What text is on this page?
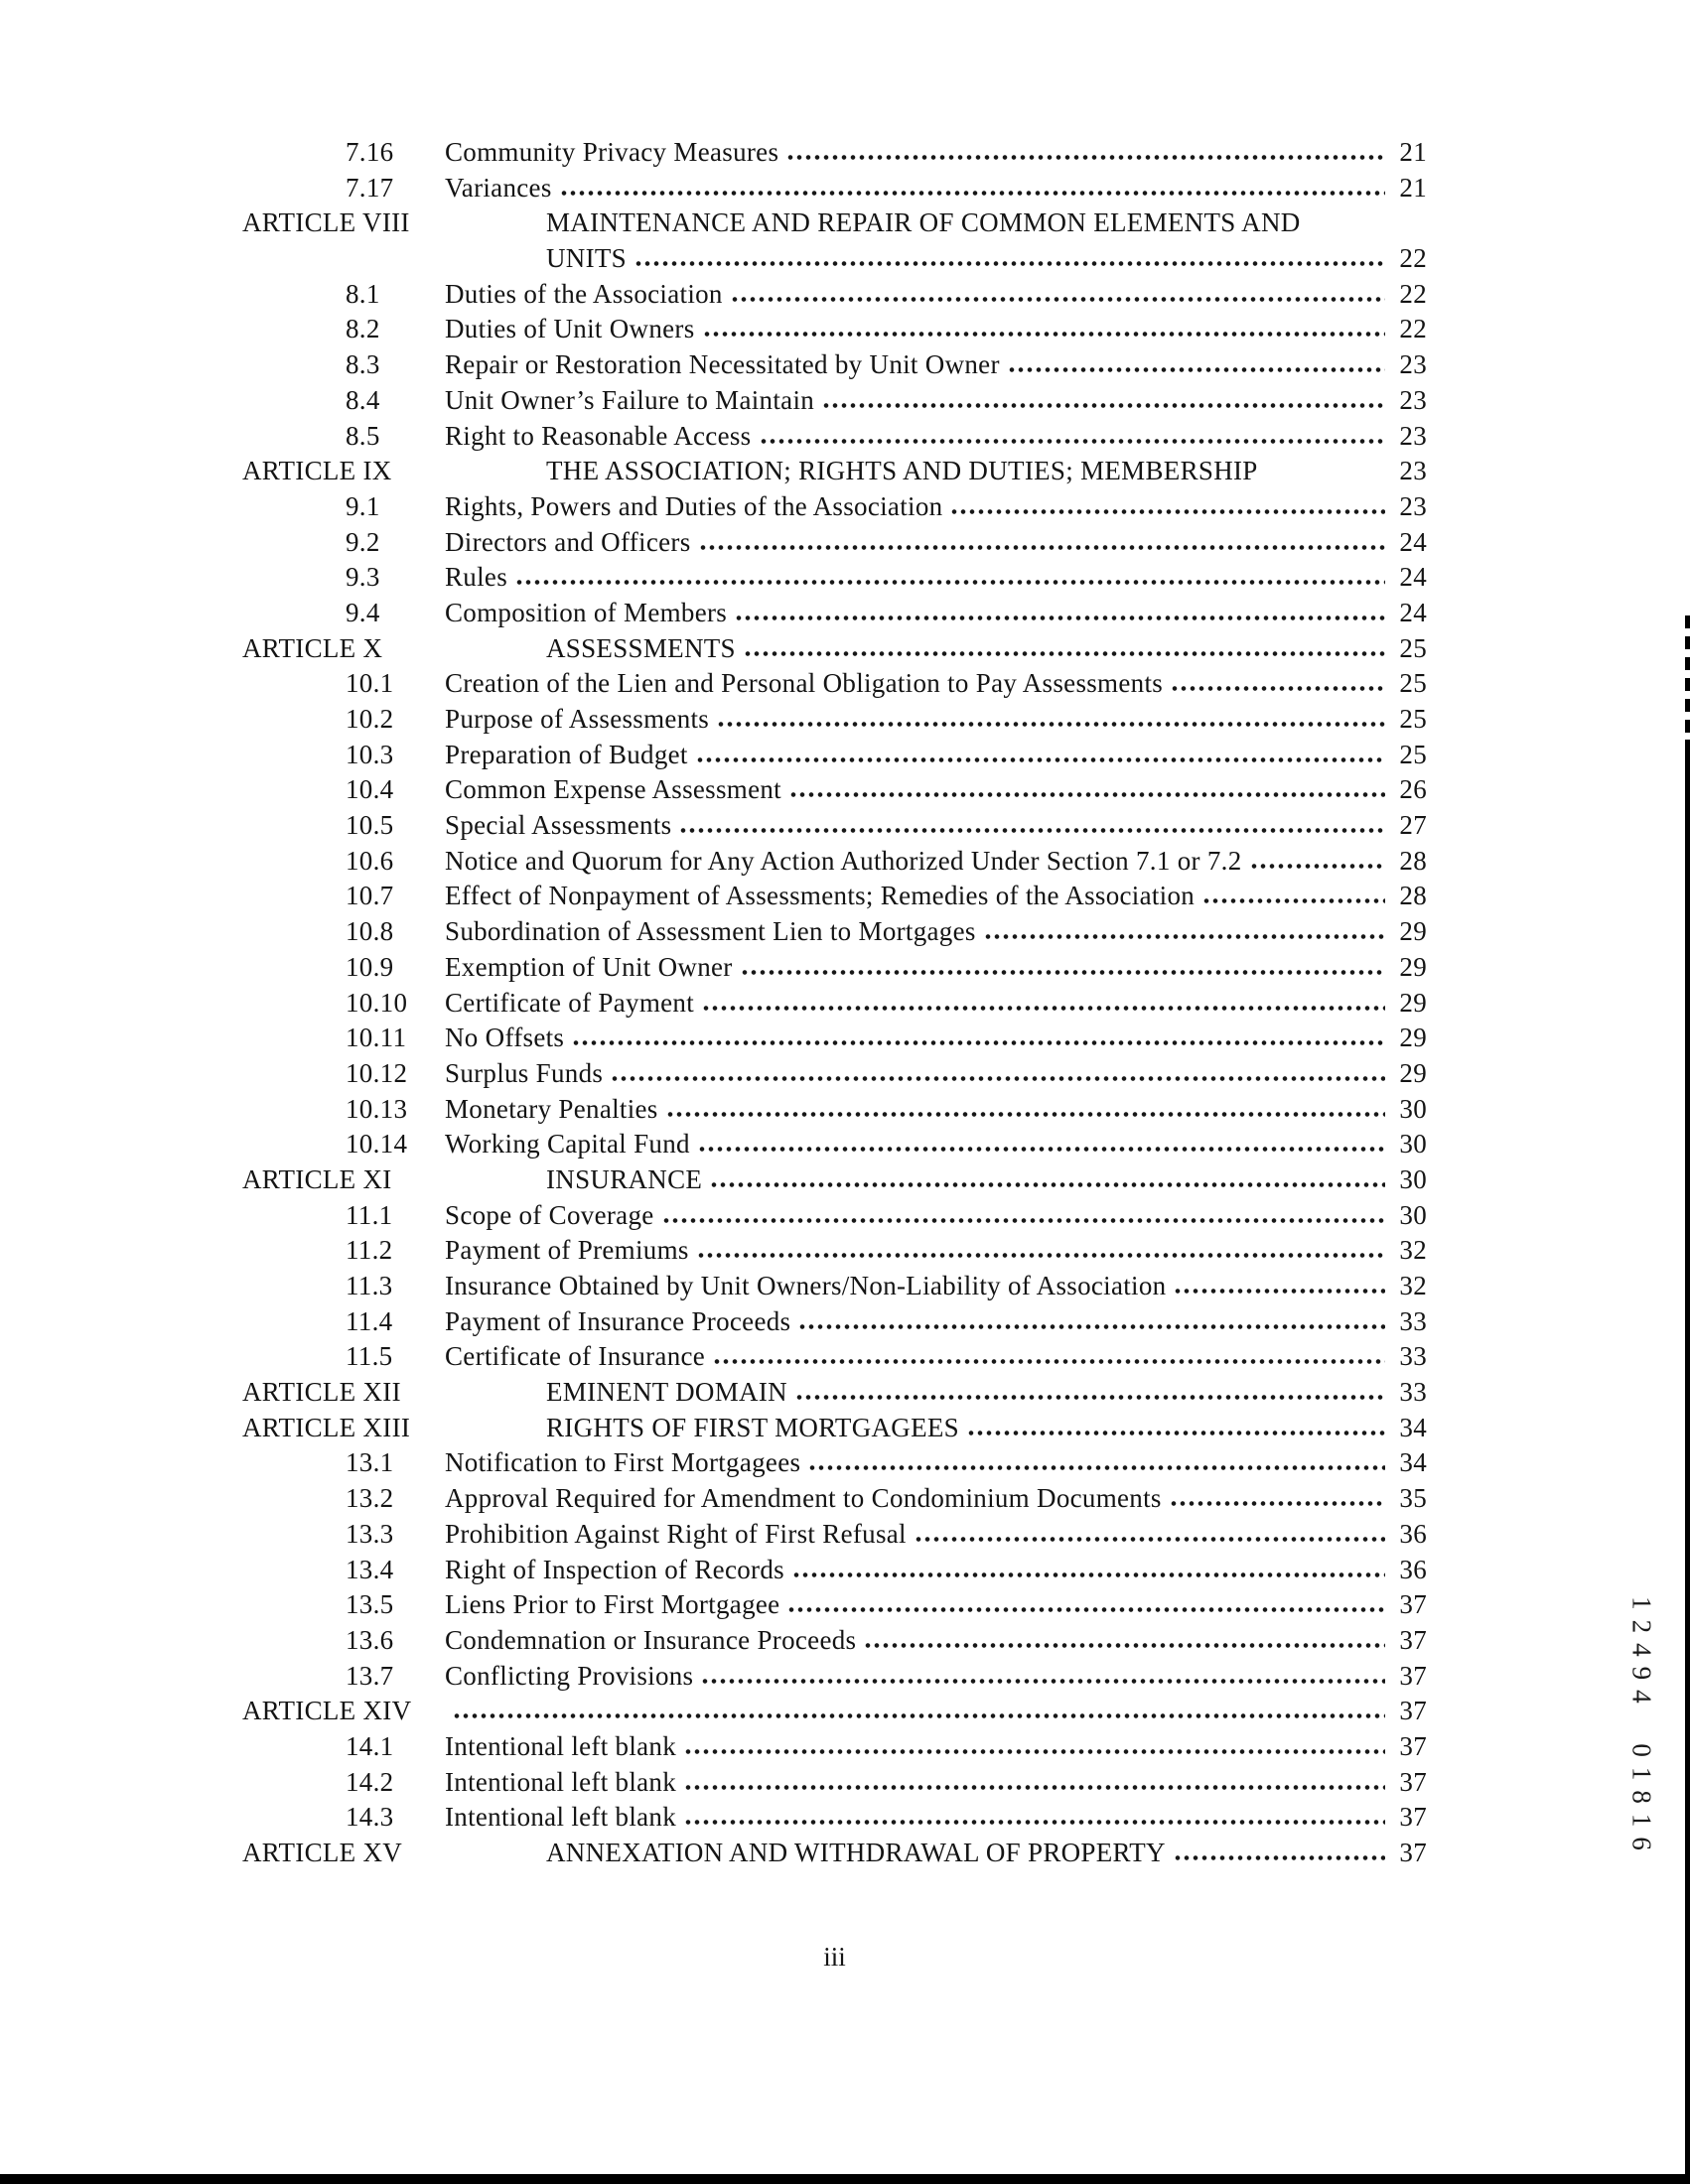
7.16	Community Privacy Measures	21
7.17	Variances	21
ARTICLE VIII	MAINTENANCE AND REPAIR OF COMMON ELEMENTS AND
UNITS	22
8.1	Duties of the Association	22
8.2	Duties of Unit Owners	22
8.3	Repair or Restoration Necessitated by Unit Owner	23
8.4	Unit Owner’s Failure to Maintain	23
8.5	Right to Reasonable Access	23
ARTICLE IX	THE ASSOCIATION; RIGHTS AND DUTIES; MEMBERSHIP	23
9.1	Rights, Powers and Duties of the Association	23
9.2	Directors and Officers	24
9.3	Rules	24
9.4	Composition of Members	24
ARTICLE X	ASSESSMENTS	25
10.1	Creation of the Lien and Personal Obligation to Pay Assessments	25
10.2	Purpose of Assessments	25
10.3	Preparation of Budget	25
10.4	Common Expense Assessment	26
10.5	Special Assessments	27
10.6	Notice and Quorum for Any Action Authorized Under Section 7.1 or 7.2	28
10.7	Effect of Nonpayment of Assessments; Remedies of the Association	28
10.8	Subordination of Assessment Lien to Mortgages	29
10.9	Exemption of Unit Owner	29
10.10	Certificate of Payment	29
10.11	No Offsets	29
10.12	Surplus Funds	29
10.13	Monetary Penalties	30
10.14	Working Capital Fund	30
ARTICLE XI	INSURANCE	30
11.1	Scope of Coverage	30
11.2	Payment of Premiums	32
11.3	Insurance Obtained by Unit Owners/Non-Liability of Association	32
11.4	Payment of Insurance Proceeds	33
11.5	Certificate of Insurance	33
ARTICLE XII	EMINENT DOMAIN	33
ARTICLE XIII	RIGHTS OF FIRST MORTGAGEES	34
13.1	Notification to First Mortgagees	34
13.2	Approval Required for Amendment to Condominium Documents	35
13.3	Prohibition Against Right of First Refusal	36
13.4	Right of Inspection of Records	36
13.5	Liens Prior to First Mortgagee	37
13.6	Condemnation or Insurance Proceeds	37
13.7	Conflicting Provisions	37
ARTICLE XIV	37
14.1	Intentional left blank	37
14.2	Intentional left blank	37
14.3	Intentional left blank	37
ARTICLE XV	ANNEXATION AND WITHDRAWAL OF PROPERTY	37
iii
12494 01816
